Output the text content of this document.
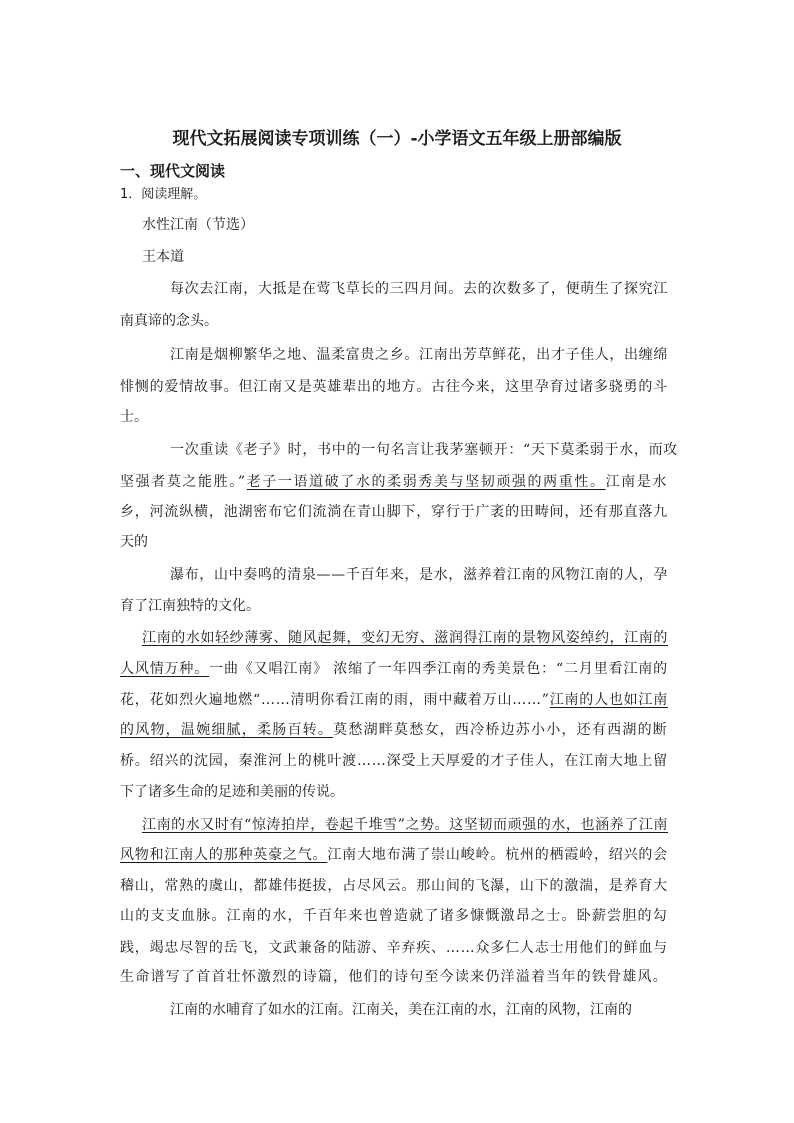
现代文拓展阅读专项训练（一）-小学语文五年级上册部编版
一、现代文阅读
1．阅读理解。
水性江南（节选）
王本道
每次去江南，大抵是在莺飞草长的三四月间。去的次数多了，便萌生了探究江
南真谛的念头。
江南是烟柳繁华之地、温柔富贵之乡。江南出芳草鲜花，出才子佳人，出缠绵
悱恻的爱情故事。但江南又是英雄辈出的地方。古往今来，这里孕育过诸多骁勇的斗
士。
一次重读《老子》时，书中的一句名言让我茅塞顿开：“天下莫柔弱于水，而攻
坚强者莫之能胜。”老子一语道破了水的柔弱秀美与坚韧顽强的两重性。江南是水
乡，河流纵横，池湖密布它们流淌在青山脚下，穿行于广袤的田畴间，还有那直落九
天的
瀑布，山中奏鸣的清泉——千百年来，是水，滋养着江南的风物江南的人，孕
育了江南独特的文化。
江南的水如轻纱薄雾、随风起舞，变幻无穷、滋润得江南的景物风姿绰约，江南的
人风情万种。一曲《又唱江南》 浓缩了一年四季江南的秀美景色：“二月里看江南的
花，花如烈火遍地燃“……清明你看江南的雨，雨中藏着万山……”江南的人也如江南
的风物，温婉细腻，柔肠百转。莫愁湖畔莫愁女，西冷桥边苏小小，还有西湖的断
桥。绍兴的沈园，秦淮河上的桃叶渡……深受上天厚爱的才子佳人，在江南大地上留
下了诸多生命的足迹和美丽的传说。
江南的水又时有“惊涛拍岸，卷起千堆雪”之势。这坚韧而顽强的水，也涵养了江南
风物和江南人的那种英豪之气。江南大地布满了崇山峻岭。杭州的栖霞岭，绍兴的会
稽山，常熟的虞山，都雄伟挺拔，占尽风云。那山间的飞瀑，山下的激湍，是养育大
山的支支血脉。江南的水，千百年来也曾造就了诸多慷慨激昂之士。卧薪尝胆的勾
践，竭忠尽智的岳飞，文武兼备的陆游、辛弃疾、……众多仁人志士用他们的鲜血与
生命谱写了首首壮怀激烈的诗篇，他们的诗句至今读来仍洋溢着当年的铁骨雄风。
江南的水哺育了如水的江南。江南关，美在江南的水，江南的风物，江南的
